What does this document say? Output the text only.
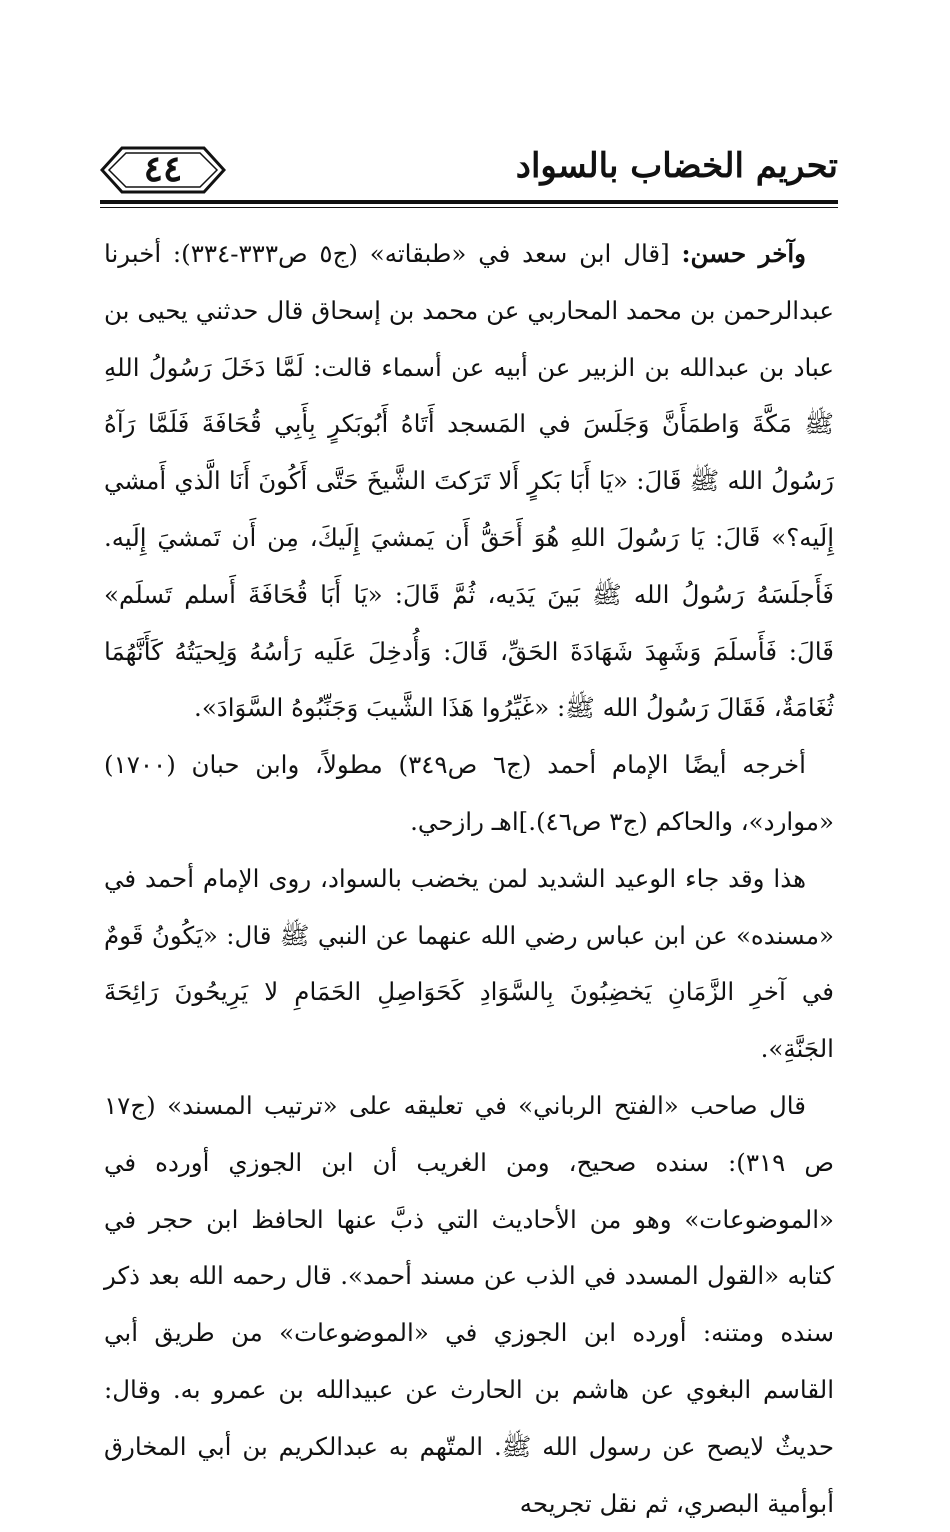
تحريم الخضاب بالسواد
٤٤

وآخر حسن: [قال ابن سعد في «طبقاته» (ج٥ ص٣٣٣-٣٣٤): أخبرنا عبدالرحمن بن محمد المحاربي عن محمد بن إسحاق قال حدثني يحيى بن عباد بن عبدالله بن الزبير عن أبيه عن أسماء قالت: لَمَّا دَخَلَ رَسُولُ اللهِ ﷺ مَكَّةَ وَاطمَأَنَّ وَجَلَسَ في المَسجد أَتَاهُ أَبُوبَكرٍ بِأَبِي قُحَافَةَ فَلَمَّا رَآهُ رَسُولُ الله ﷺ قَالَ: «يَا أَبَا بَكرٍ أَلا تَرَكتَ الشَّيخَ حَتَّى أَكُونَ أَنَا الَّذي أَمشي إِلَيه؟» قَالَ: يَا رَسُولَ اللهِ هُوَ أَحَقُّ أَن يَمشيَ إِلَيكَ، مِن أَن تَمشيَ إِلَيه. فَأَجلَسَهُ رَسُولُ الله ﷺ بَينَ يَدَيه، ثُمَّ قَالَ: «يَا أَبَا قُحَافَةَ أَسلم تَسلَم» قَالَ: فَأَسلَمَ وَشَهِدَ شَهَادَةَ الحَقِّ، قَالَ: وَأُدخِلَ عَلَيه رَأسُهُ وَلِحيَتُهُ كَأَنَّهُمَا ثُغَامَةٌ، فَقَالَ رَسُولُ الله ﷺ: «غَيِّرُوا هَذَا الشَّيبَ وَجَنِّبُوهُ السَّوَادَ».

أخرجه أيضًا الإمام أحمد (ج٦ ص٣٤٩) مطولاً، وابن حبان (١٧٠٠) «موارد»، والحاكم (ج٣ ص٤٦).]اهـ رازحي.

هذا وقد جاء الوعيد الشديد لمن يخضب بالسواد، روى الإمام أحمد في «مسنده» عن ابن عباس رضي الله عنهما عن النبي ﷺ قال: «يَكُونُ قَومٌ في آخرِ الزَّمَانِ يَخضِبُونَ بِالسَّوَادِ كَحَوَاصِلِ الحَمَامِ لا يَرِيحُونَ رَائِحَةَ الجَنَّةِ».

قال صاحب «الفتح الرباني» في تعليقه على «ترتيب المسند» (ج١٧ ص ٣١٩): سنده صحيح، ومن الغريب أن ابن الجوزي أورده في «الموضوعات» وهو من الأحاديث التي ذبَّ عنها الحافظ ابن حجر في كتابه «القول المسدد في الذب عن مسند أحمد». قال رحمه الله بعد ذكر سنده ومتنه: أورده ابن الجوزي في «الموضوعات» من طريق أبي القاسم البغوي عن هاشم بن الحارث عن عبيدالله بن عمرو به. وقال: حديثٌ لايصح عن رسول الله ﷺ. المتّهم به عبدالكريم بن أبي المخارق أبوأمية البصري، ثم نقل تجريحه
